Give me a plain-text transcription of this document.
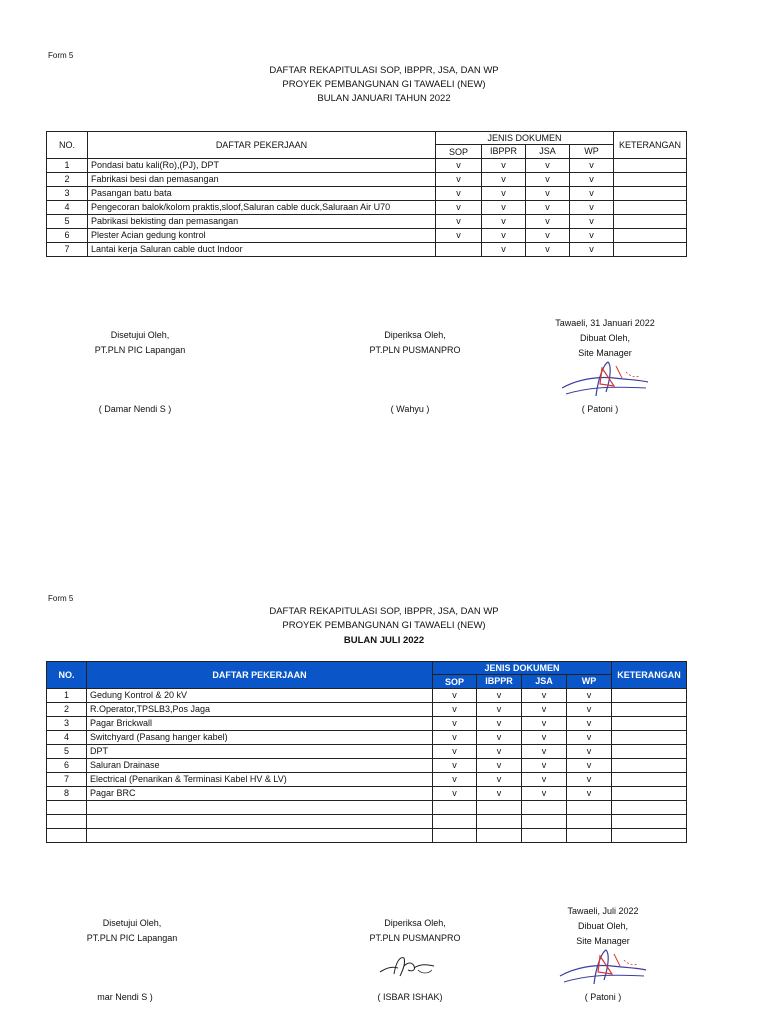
Form 5
DAFTAR REKAPITULASI SOP, IBPPR, JSA, DAN WP
PROYEK PEMBANGUNAN GI TAWAELI (NEW)
BULAN JANUARI TAHUN 2022
NO.	DAFTAR PEKERJAAN	JENIS DOKUMEN				KETERANGAN
		SOP	IBPPR	JSA	WP	
1	Pondasi batu kali(Ro),(PJ), DPT	v	v	v	v	
2	Fabrikasi besi dan pemasangan	v	v	v	v	
3	Pasangan batu bata	v	v	v	v	
4	Pengecoran balok/kolom praktis,sloof,Saluran cable duck,Saluraan Air U70	v	v	v	v	
5	Pabrikasi bekisting dan pemasangan	v	v	v	v	
6	Plester Acian gedung kontrol	v	v	v	v	
7	Lantai kerja Saluran cable duct Indoor		v	v	v	
Disetujui Oleh,
PT.PLN PIC Lapangan
( Damar Nendi S )
Diperiksa Oleh,
PT.PLN PUSMANPRO
( Wahyu )
Tawaeli, 31 Januari 2022
Dibuat Oleh,
Site Manager
( Patoni )
Form 5
DAFTAR REKAPITULASI SOP, IBPPR, JSA, DAN WP
PROYEK PEMBANGUNAN GI TAWAELI (NEW)
BULAN JULI 2022
NO.	DAFTAR PEKERJAAN	JENIS DOKUMEN				KETERANGAN
		SOP	IBPPR	JSA	WP	
1	Gedung Kontrol & 20 kV	v	v	v	v	
2	R.Operator,TPSLB3,Pos Jaga	v	v	v	v	
3	Pagar Brickwall	v	v	v	v	
4	Switchyard (Pasang hanger kabel)	v	v	v	v	
5	DPT	v	v	v	v	
6	Saluran Drainase	v	v	v	v	
7	Electrical (Penarikan & Terminasi Kabel HV & LV)	v	v	v	v	
8	Pagar BRC	v	v	v	v	

Disetujui Oleh,
PT.PLN PIC Lapangan
mar Nendi S )
Diperiksa Oleh,
PT.PLN PUSMANPRO
( ISBAR ISHAK)
Tawaeli, Juli 2022
Dibuat Oleh,
Site Manager
( Patoni )
